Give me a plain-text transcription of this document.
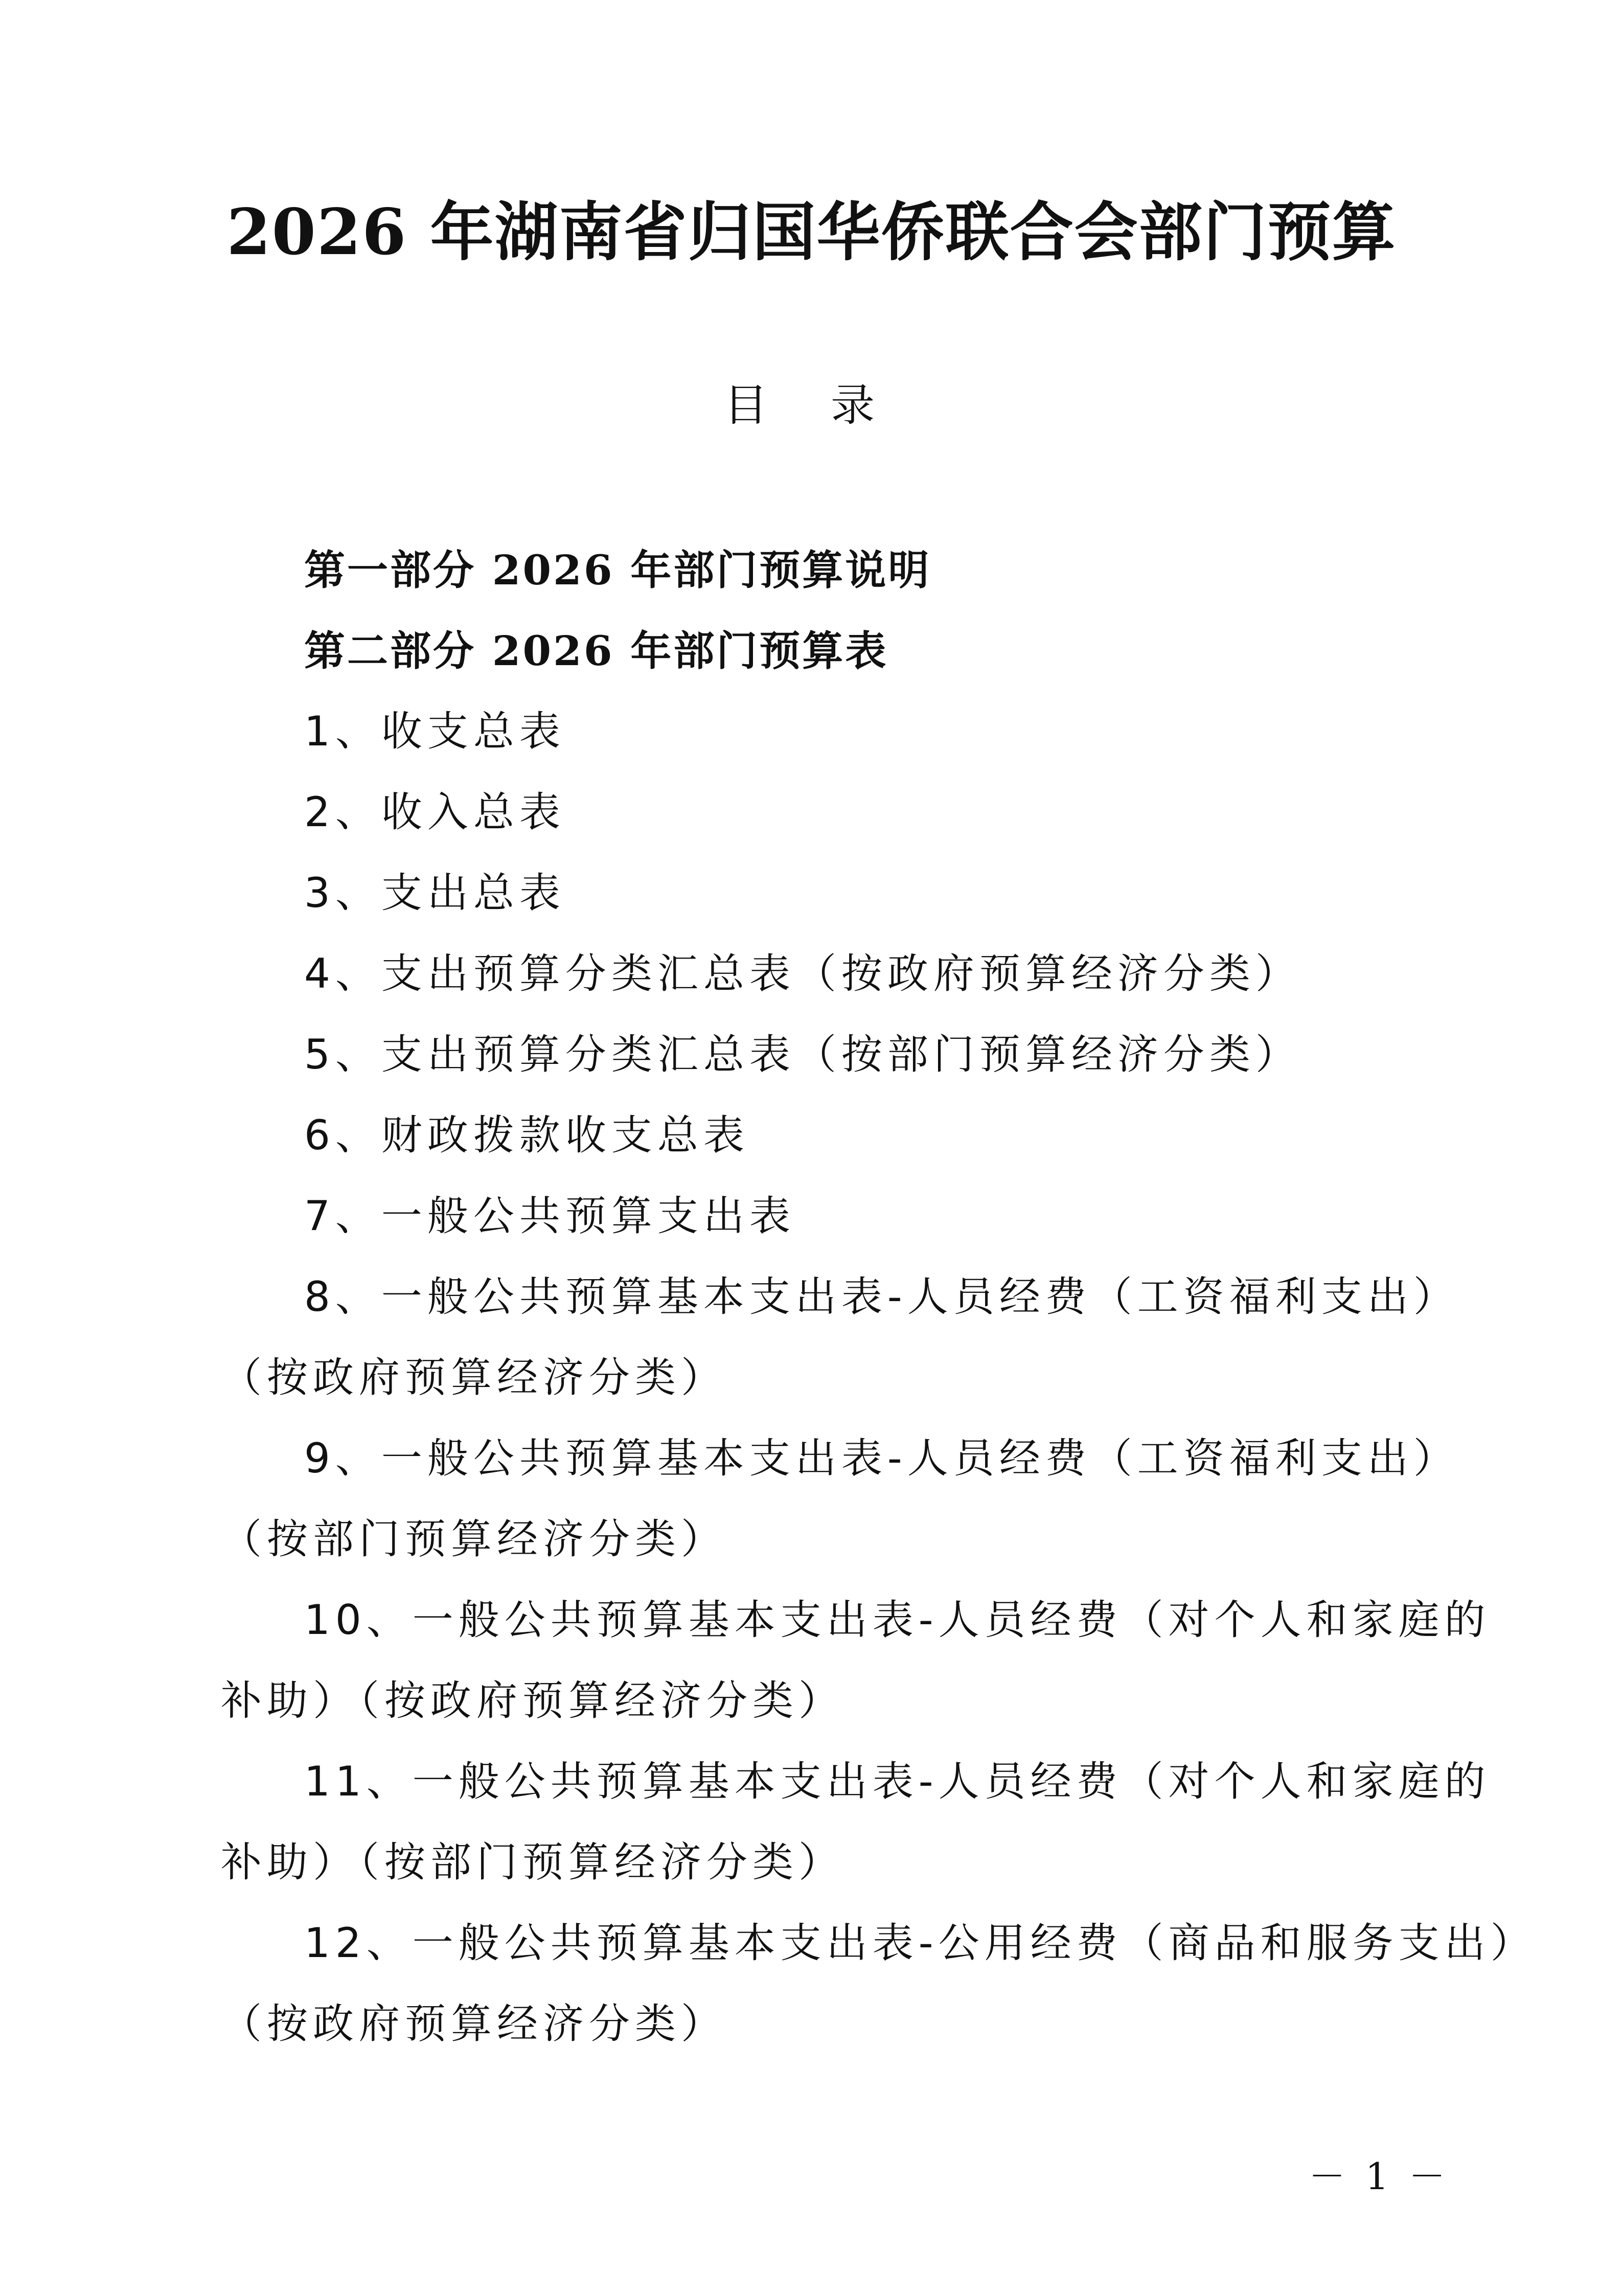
2026 年湖南省归国华侨联合会部门预算
目 录
第一部分 2026 年部门预算说明
第二部分 2026 年部门预算表
1、收支总表
2、收入总表
3、支出总表
4、支出预算分类汇总表（按政府预算经济分类）
5、支出预算分类汇总表（按部门预算经济分类）
6、财政拨款收支总表
7、一般公共预算支出表
8、一般公共预算基本支出表-人员经费（工资福利支出）
（按政府预算经济分类）
9、一般公共预算基本支出表-人员经费（工资福利支出）
（按部门预算经济分类）
10、一般公共预算基本支出表-人员经费（对个人和家庭的
补助）（按政府预算经济分类）
11、一般公共预算基本支出表-人员经费（对个人和家庭的
补助）（按部门预算经济分类）
12、一般公共预算基本支出表-公用经费（商品和服务支出）
（按政府预算经济分类）
－ 1 －
